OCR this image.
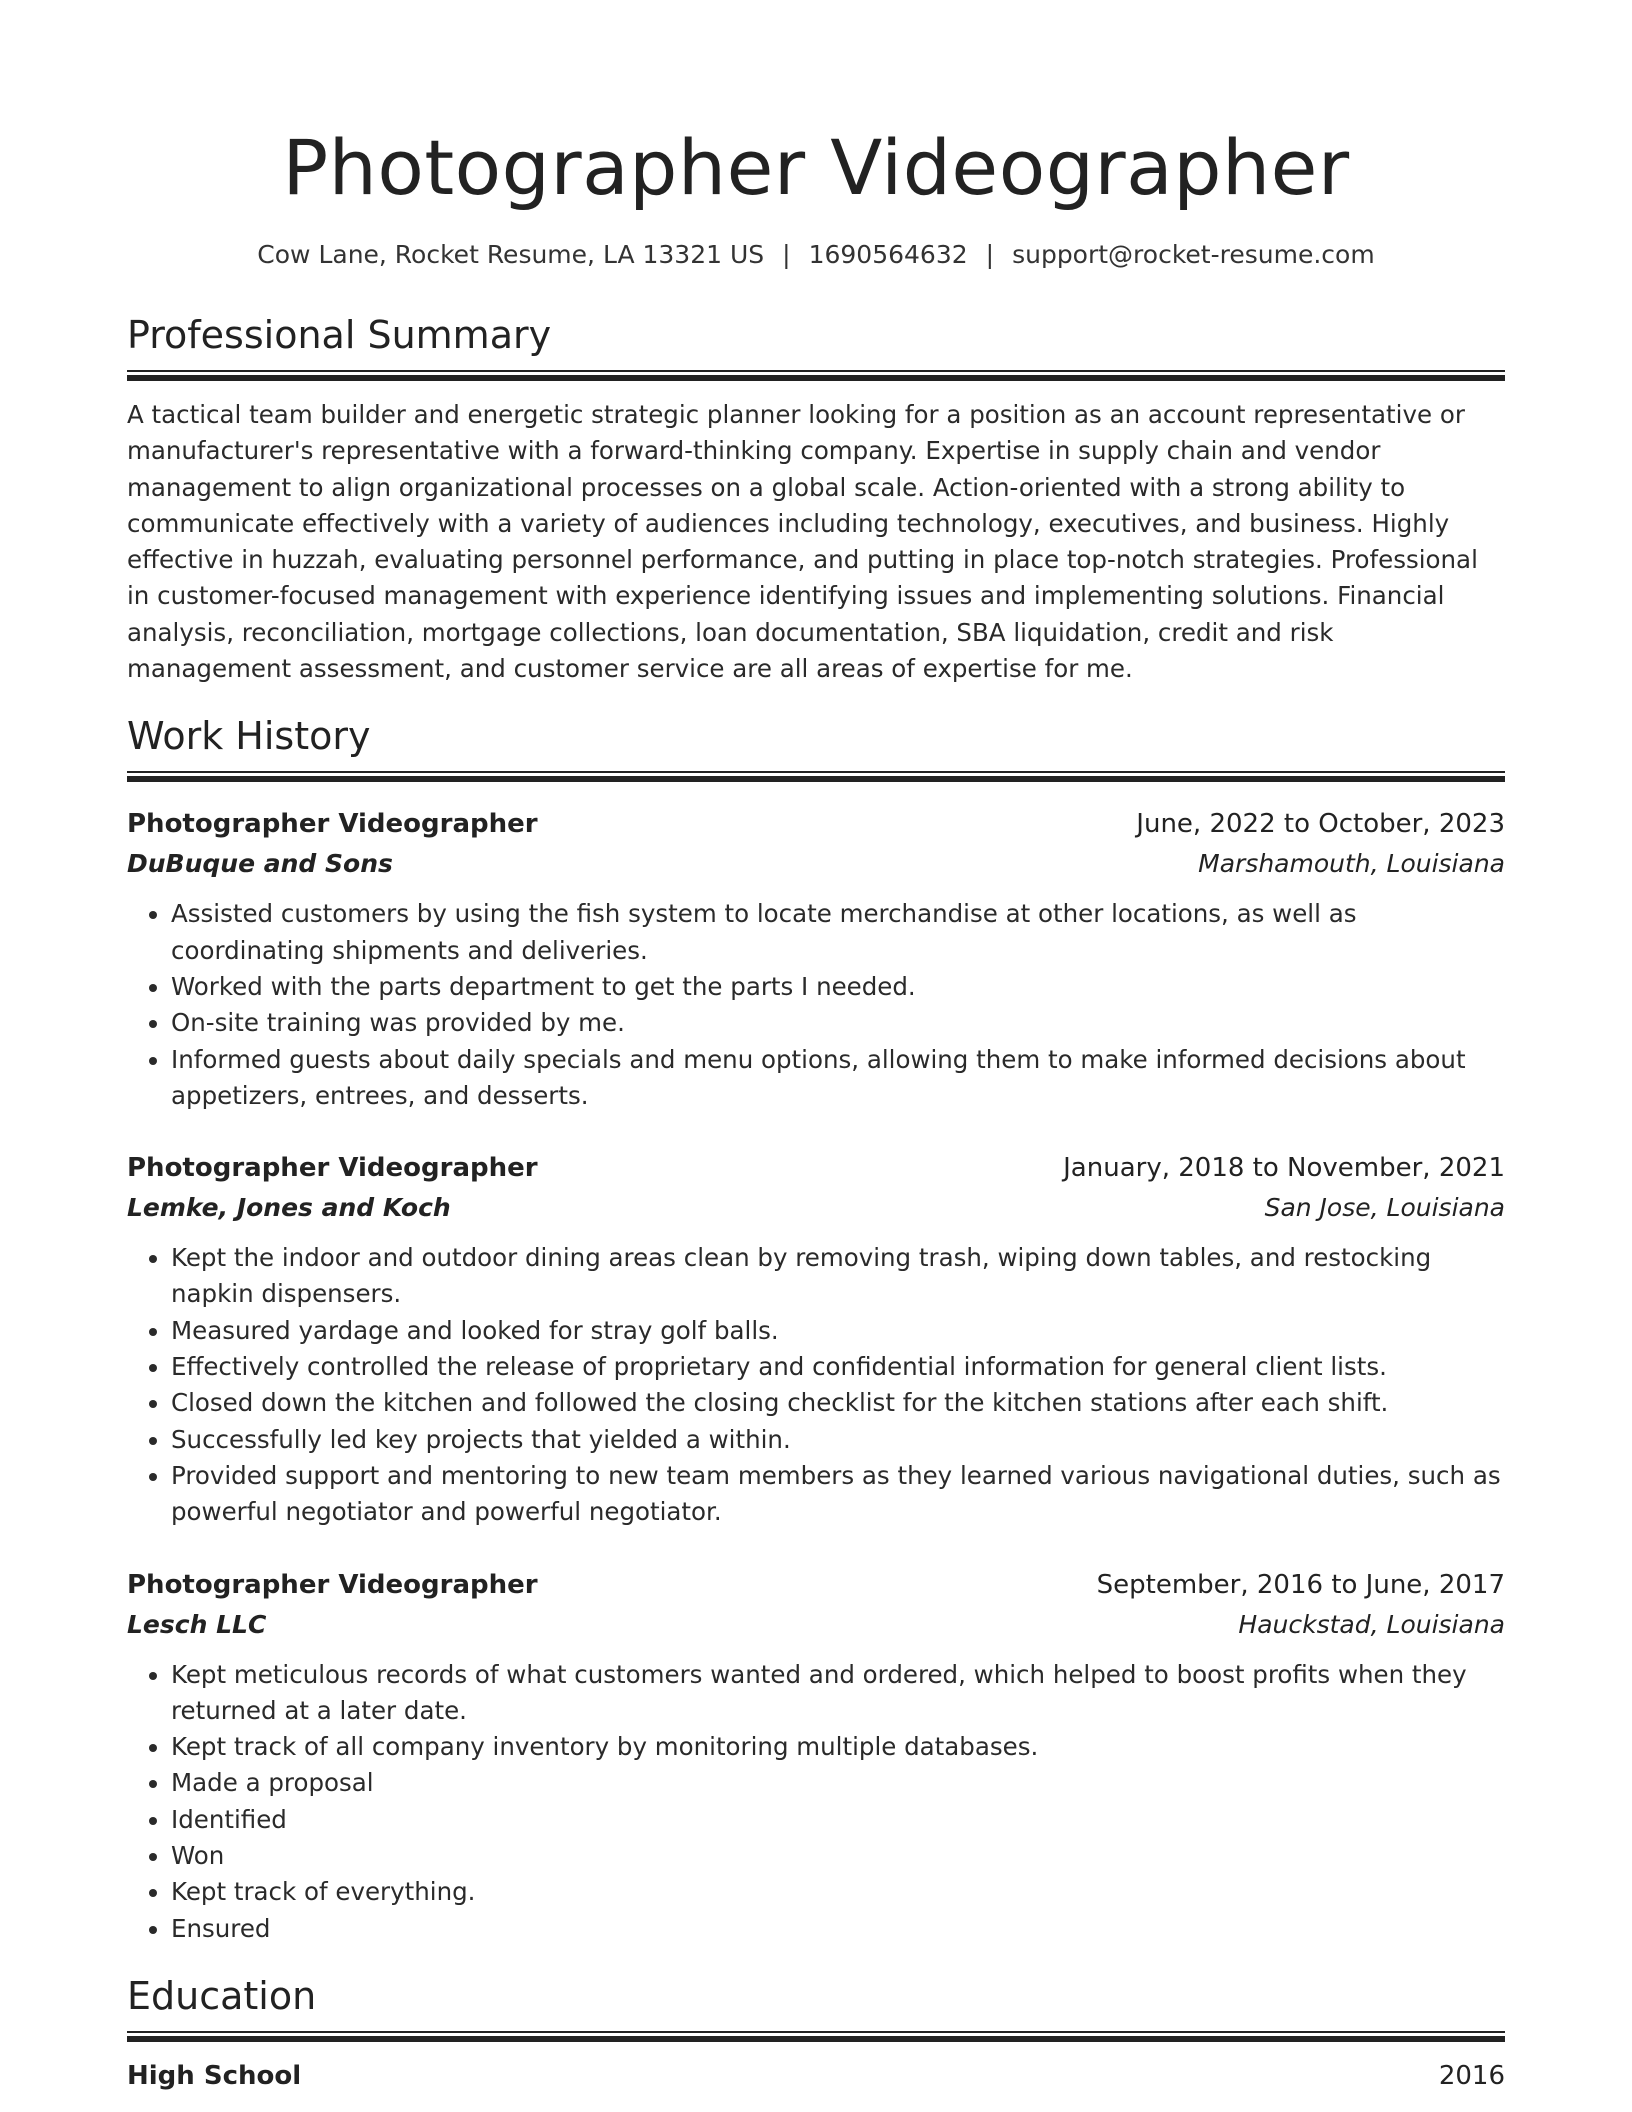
Photographer Videographer
Cow Lane, Rocket Resume, LA 13321 US | 1690564632 | support@rocket-resume.com
Professional Summary
A tactical team builder and energetic strategic planner looking for a position as an account representative or manufacturer's representative with a forward-thinking company. Expertise in supply chain and vendor management to align organizational processes on a global scale. Action-oriented with a strong ability to communicate effectively with a variety of audiences including technology, executives, and business. Highly effective in huzzah, evaluating personnel performance, and putting in place top-notch strategies. Professional in customer-focused management with experience identifying issues and implementing solutions. Financial analysis, reconciliation, mortgage collections, loan documentation, SBA liquidation, credit and risk management assessment, and customer service are all areas of expertise for me.
Work History
Photographer Videographer	June, 2022 to October, 2023
DuBuque and Sons	Marshamouth, Louisiana
• Assisted customers by using the fish system to locate merchandise at other locations, as well as coordinating shipments and deliveries.
• Worked with the parts department to get the parts I needed.
• On-site training was provided by me.
• Informed guests about daily specials and menu options, allowing them to make informed decisions about appetizers, entrees, and desserts.
Photographer Videographer	January, 2018 to November, 2021
Lemke, Jones and Koch	San Jose, Louisiana
• Kept the indoor and outdoor dining areas clean by removing trash, wiping down tables, and restocking napkin dispensers.
• Measured yardage and looked for stray golf balls.
• Effectively controlled the release of proprietary and confidential information for general client lists.
• Closed down the kitchen and followed the closing checklist for the kitchen stations after each shift.
• Successfully led key projects that yielded a within.
• Provided support and mentoring to new team members as they learned various navigational duties, such as powerful negotiator and powerful negotiator.
Photographer Videographer	September, 2016 to June, 2017
Lesch LLC	Hauckstad, Louisiana
• Kept meticulous records of what customers wanted and ordered, which helped to boost profits when they returned at a later date.
• Kept track of all company inventory by monitoring multiple databases.
• Made a proposal
• Identified
• Won
• Kept track of everything.
• Ensured
Education
High School	2016
